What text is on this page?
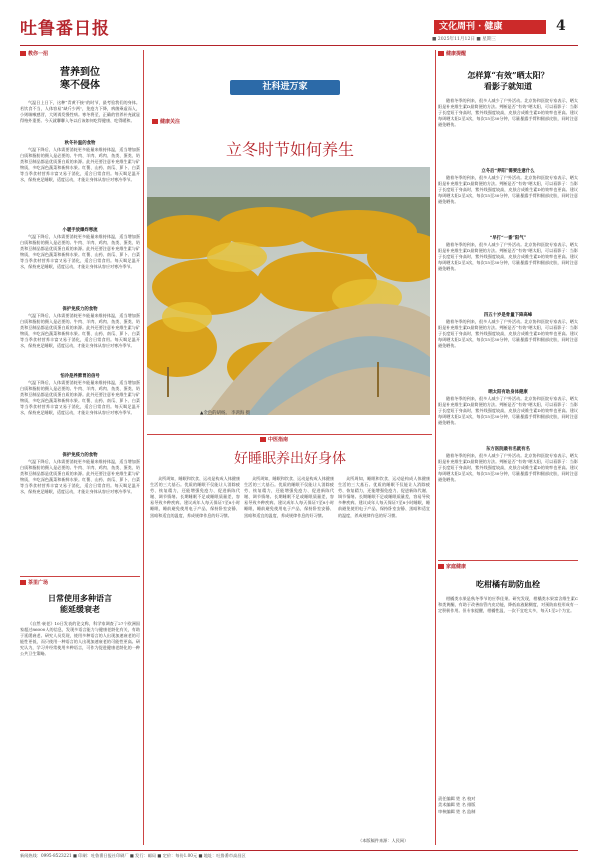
吐鲁番日报	文化周刊 · 健康	4
■ 2025年11月12日 ■ 星期三
教你一招
营养到位
寒不侵体
气温日上日下，这种“青黄不接”的时节，最考验我们的身体。若饮食不当，人体容易“缺斤少两”，免疫力下降，病菌乘虚而入，小则咳嗽感冒，大则诱发慢性病。寒冬将至，正确的营养补充就显得格外重要。今天就聊聊入冬以后该如何吃得健康、吃得暖和。
秋冬补温的食物
气温下降后，人体需要消耗更多能量来维持体温，适当增加蛋白质和脂肪的摄入是必要的。牛肉、羊肉、鸡肉、鱼类、蛋类、奶类和豆制品都是优质蛋白质的来源。此外还要注意补充维生素与矿物质，多吃深色蔬菜和新鲜水果。红薯、山药、南瓜、萝卜、白菜等当季食材营养丰富又易于消化，适合日常食用。每天喝足温开水，保持充足睡眠，适度运动，才能让身体从容应对寒冷季节。
小暖手放爆炸寒流
气温下降后，人体需要消耗更多能量来维持体温，适当增加蛋白质和脂肪的摄入是必要的。牛肉、羊肉、鸡肉、鱼类、蛋类、奶类和豆制品都是优质蛋白质的来源。此外还要注意补充维生素与矿物质，多吃深色蔬菜和新鲜水果。红薯、山药、南瓜、萝卜、白菜等当季食材营养丰富又易于消化，适合日常食用。每天喝足温开水，保持充足睡眠，适度运动，才能让身体从容应对寒冷季节。
保护免疫力的食物
气温下降后，人体需要消耗更多能量来维持体温，适当增加蛋白质和脂肪的摄入是必要的。牛肉、羊肉、鸡肉、鱼类、蛋类、奶类和豆制品都是优质蛋白质的来源。此外还要注意补充维生素与矿物质，多吃深色蔬菜和新鲜水果。红薯、山药、南瓜、萝卜、白菜等当季食材营养丰富又易于消化，适合日常食用。每天喝足温开水，保持充足睡眠，适度运动，才能让身体从容应对寒冷季节。
怕冷是养脾胃的信号
气温下降后，人体需要消耗更多能量来维持体温，适当增加蛋白质和脂肪的摄入是必要的。牛肉、羊肉、鸡肉、鱼类、蛋类、奶类和豆制品都是优质蛋白质的来源。此外还要注意补充维生素与矿物质，多吃深色蔬菜和新鲜水果。红薯、山药、南瓜、萝卜、白菜等当季食材营养丰富又易于消化，适合日常食用。每天喝足温开水，保持充足睡眠，适度运动，才能让身体从容应对寒冷季节。
保护免疫力的食物
气温下降后，人体需要消耗更多能量来维持体温，适当增加蛋白质和脂肪的摄入是必要的。牛肉、羊肉、鸡肉、鱼类、蛋类、奶类和豆制品都是优质蛋白质的来源。此外还要注意补充维生素与矿物质，多吃深色蔬菜和新鲜水果。红薯、山药、南瓜、萝卜、白菜等当季食材营养丰富又易于消化，适合日常食用。每天喝足温开水，保持充足睡眠，适度运动，才能让身体从容应对寒冷季节。
茶里广场
日常使用多种语言
能延缓衰老
《自然·衰老》10日发表的论文称，科学家调查了27个欧洲国家超过86000人的信息，发现多语言能力与健康老龄化有关，有助于延缓衰老。研究人员发现，使用多种语言的人出现加速衰老的可能性更低，而只使用一种语言的人出现加速衰老的可能性更高。研究认为，学习并经常使用多种语言，可作为促进健康老龄化的一种公共卫生策略。
社科进万家
健康关注
立冬时节如何养生
▲金色的胡杨。 李鸿海 摄
中医指南
好睡眠养出好身体
众所周知，睡眠和饮食、运动是构成人体健康生活的三大基石。优质的睡眠不仅能让人消除疲劳、恢复精力，还能增强免疫力、促进新陈代谢、调节情绪。长期睡眠不足或睡眠质量差，容易导致多种疾病。建议成年人每天保证7至8小时睡眠，睡前避免使用电子产品，保持卧室安静、黑暗和适宜的温度，养成规律作息的好习惯。
众所周知，睡眠和饮食、运动是构成人体健康生活的三大基石。优质的睡眠不仅能让人消除疲劳、恢复精力，还能增强免疫力、促进新陈代谢、调节情绪。长期睡眠不足或睡眠质量差，容易导致多种疾病。建议成年人每天保证7至8小时睡眠，睡前避免使用电子产品，保持卧室安静、黑暗和适宜的温度，养成规律作息的好习惯。
众所周知，睡眠和饮食、运动是构成人体健康生活的三大基石。优质的睡眠不仅能让人消除疲劳、恢复精力，还能增强免疫力、促进新陈代谢、调节情绪。长期睡眠不足或睡眠质量差，容易导致多种疾病。建议成年人每天保证7至8小时睡眠，睡前避免使用电子产品，保持卧室安静、黑暗和适宜的温度，养成规律作息的好习惯。
（本版稿件来源：人民网）
健康提醒
怎样算“有效”晒太阳？
看影子就知道
随着冬季的到来，很多人减少了户外活动。北京协和医院专家表示，晒太阳是补充维生素D最简便的方法。判断是否“有效”晒太阳，可以看影子：当影子长度短于身高时，紫外线强度较高，皮肤合成维生素D的效率也更高。建议每周晒太阳2至3次，每次15至30分钟，尽量暴露手臂和腿部皮肤，同时注意避免晒伤。
立冬后“养阳”需要注意什么
随着冬季的到来，很多人减少了户外活动。北京协和医院专家表示，晒太阳是补充维生素D最简便的方法。判断是否“有效”晒太阳，可以看影子：当影子长度短于身高时，紫外线强度较高，皮肤合成维生素D的效率也更高。建议每周晒太阳2至3次，每次15至30分钟，尽量暴露手臂和腿部皮肤，同时注意避免晒伤。
“早打“一番”阳气”
随着冬季的到来，很多人减少了户外活动。北京协和医院专家表示，晒太阳是补充维生素D最简便的方法。判断是否“有效”晒太阳，可以看影子：当影子长度短于身高时，紫外线强度较高，皮肤合成维生素D的效率也更高。建议每周晒太阳2至3次，每次15至30分钟，尽量暴露手臂和腿部皮肤，同时注意避免晒伤。
四五十岁是骨量下降高峰
随着冬季的到来，很多人减少了户外活动。北京协和医院专家表示，晒太阳是补充维生素D最简便的方法。判断是否“有效”晒太阳，可以看影子：当影子长度短于身高时，紫外线强度较高，皮肤合成维生素D的效率也更高。建议每周晒太阳2至3次，每次15至30分钟，尽量暴露手臂和腿部皮肤，同时注意避免晒伤。
晒太阳有助身体健康
随着冬季的到来，很多人减少了户外活动。北京协和医院专家表示，晒太阳是补充维生素D最简便的方法。判断是否“有效”晒太阳，可以看影子：当影子长度短于身高时，紫外线强度较高，皮肤合成维生素D的效率也更高。建议每周晒太阳2至3次，每次15至30分钟，尽量暴露手臂和腿部皮肤，同时注意避免晒伤。
东方医院最有名就有名
随着冬季的到来，很多人减少了户外活动。北京协和医院专家表示，晒太阳是补充维生素D最简便的方法。判断是否“有效”晒太阳，可以看影子：当影子长度短于身高时，紫外线强度较高，皮肤合成维生素D的效率也更高。建议每周晒太阳2至3次，每次15至30分钟，尽量暴露手臂和腿部皮肤，同时注意避免晒伤。
家庭健康
吃柑橘有助防血栓
柑橘类水果是秋冬季节的应季佳果。研究发现，柑橘类水果富含维生素C和类黄酮，有助于改善血管内皮功能，降低血液黏稠度，对预防血栓形成有一定积极作用。但专家提醒，柑橘性温，一次不宜吃太多，每天1至2个为宜。
责任编辑 姓 名 校对
美术编辑 姓 名 排版
审核编辑 姓 名 监制
新闻热线：0995-8523221 ■ 印刷：吐鲁番日报社印刷厂 ■ 发行：邮局 ■ 定价：每份1.00元 ■ 地址：吐鲁番市高昌区
